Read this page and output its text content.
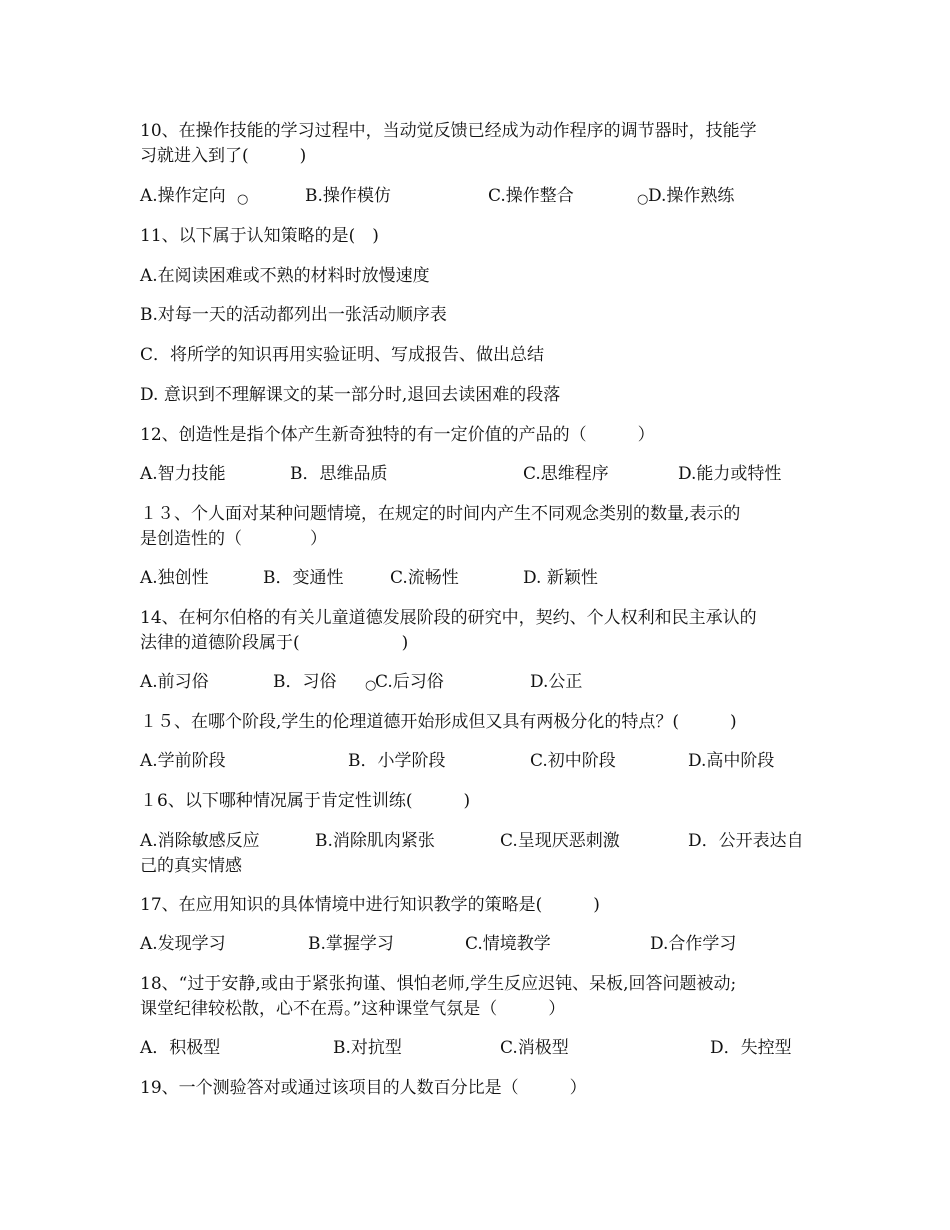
10、在操作技能的学习过程中，当动觉反馈已经成为动作程序的调节器时，技能学
习就进入到了(　　　)
A.操作定向 ○	B.操作模仿	C.操作整合	○ D.操作熟练
11、以下属于认知策略的是(　)
A.在阅读困难或不熟的材料时放慢速度
B.对每一天的活动都列出一张活动顺序表
C．将所学的知识再用实验证明、写成报告、做出总结
D. 意识到不理解课文的某一部分时,退回去读困难的段落
12、创造性是指个体产生新奇独特的有一定价值的产品的（　　　）
A.智力技能	B．思维品质	C.思维程序	D.能力或特性
１３、个人面对某种问题情境，在规定的时间内产生不同观念类别的数量,表示的
是创造性的（　　　　）
A.独创性	B．变通性	C.流畅性	D. 新颖性
14、在柯尔伯格的有关儿童道德发展阶段的研究中，契约、个人权利和民主承认的
法律的道德阶段属于(　　　　　　)
A.前习俗	B．习俗 ○
C.后习俗	D.公正
１５、在哪个阶段,学生的伦理道德开始形成但又具有两极分化的特点？(　　　)
A.学前阶段	B．小学阶段	C.初中阶段	D.高中阶段
１6、以下哪种情况属于肯定性训练(　　　)
A.消除敏感反应	B.消除肌肉紧张	C.呈现厌恶刺激	D．公开表达自
己的真实情感
17、在应用知识的具体情境中进行知识教学的策略是(　　　)
A.发现学习	B.掌握学习	C.情境教学	D.合作学习
18、“过于安静,或由于紧张拘谨、惧怕老师,学生反应迟钝、呆板,回答问题被动;
课堂纪律较松散，心不在焉。”这种课堂气氛是（　　　）
A．积极型	B.对抗型	C.消极型	D．失控型
19、一个测验答对或通过该项目的人数百分比是（　　　）
